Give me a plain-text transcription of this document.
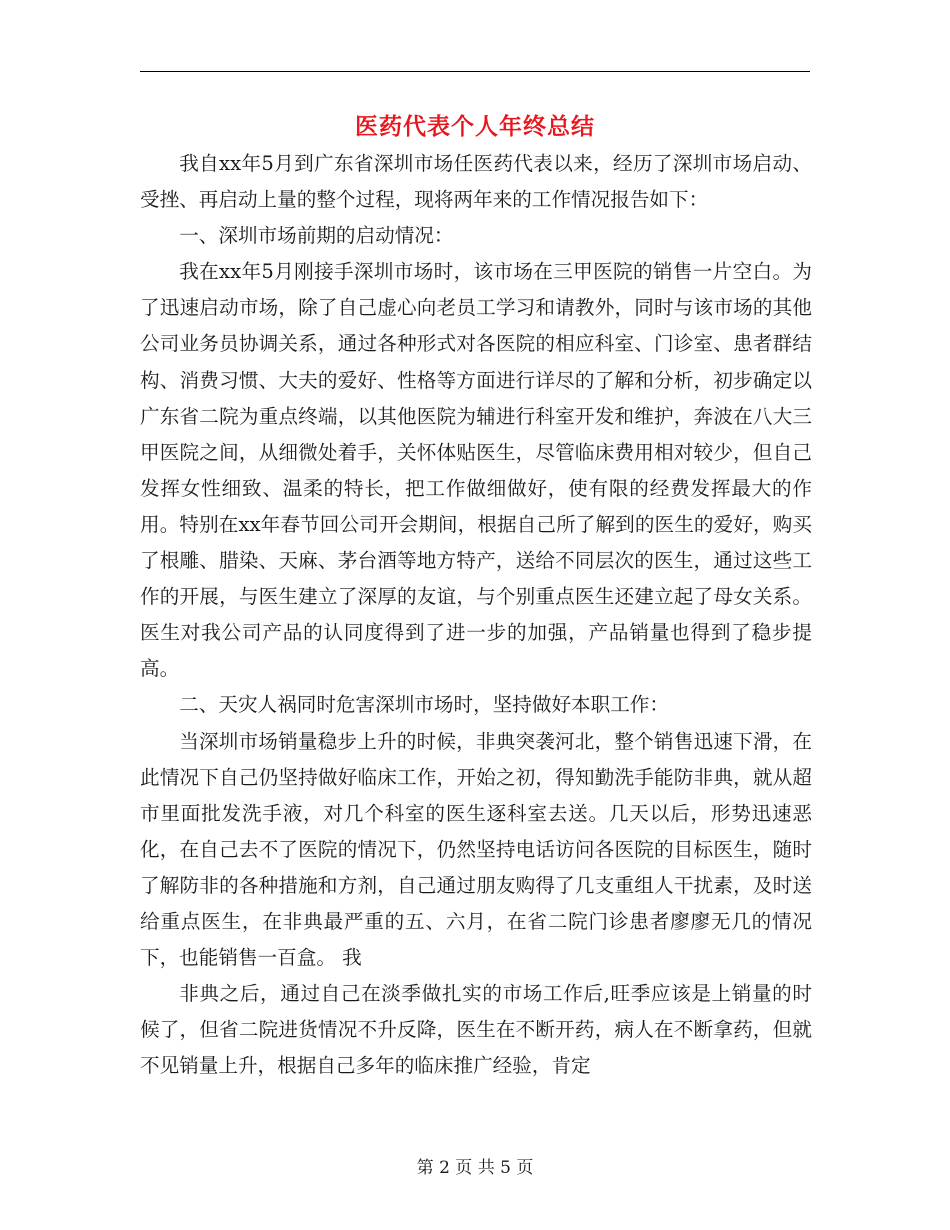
医药代表个人年终总结

我自xx年5月到广东省深圳市场任医药代表以来，经历了深圳市场启动、受挫、再启动上量的整个过程，现将两年来的工作情况报告如下：

一、深圳市场前期的启动情况：

我在xx年5月刚接手深圳市场时，该市场在三甲医院的销售一片空白。为了迅速启动市场，除了自己虚心向老员工学习和请教外，同时与该市场的其他公司业务员协调关系，通过各种形式对各医院的相应科室、门诊室、患者群结构、消费习惯、大夫的爱好、性格等方面进行详尽的了解和分析，初步确定以广东省二院为重点终端，以其他医院为辅进行科室开发和维护，奔波在八大三甲医院之间，从细微处着手，关怀体贴医生，尽管临床费用相对较少，但自己发挥女性细致、温柔的特长，把工作做细做好，使有限的经费发挥最大的作用。特别在xx年春节回公司开会期间，根据自己所了解到的医生的爱好，购买了根雕、腊染、天麻、茅台酒等地方特产，送给不同层次的医生，通过这些工作的开展，与医生建立了深厚的友谊，与个别重点医生还建立起了母女关系。医生对我公司产品的认同度得到了进一步的加强，产品销量也得到了稳步提高。

二、天灾人祸同时危害深圳市场时，坚持做好本职工作：

当深圳市场销量稳步上升的时候，非典突袭河北，整个销售迅速下滑，在此情况下自己仍坚持做好临床工作，开始之初，得知勤洗手能防非典，就从超市里面批发洗手液，对几个科室的医生逐科室去送。几天以后，形势迅速恶化，在自己去不了医院的情况下，仍然坚持电话访问各医院的目标医生，随时了解防非的各种措施和方剂，自己通过朋友购得了几支重组人干扰素，及时送给重点医生，在非典最严重的五、六月，在省二院门诊患者廖廖无几的情况下，也能销售一百盒。 我

非典之后，通过自己在淡季做扎实的市场工作后,旺季应该是上销量的时候了，但省二院进货情况不升反降，医生在不断开药，病人在不断拿药，但就不见销量上升，根据自己多年的临床推广经验，肯定

第 2 页 共 5 页
